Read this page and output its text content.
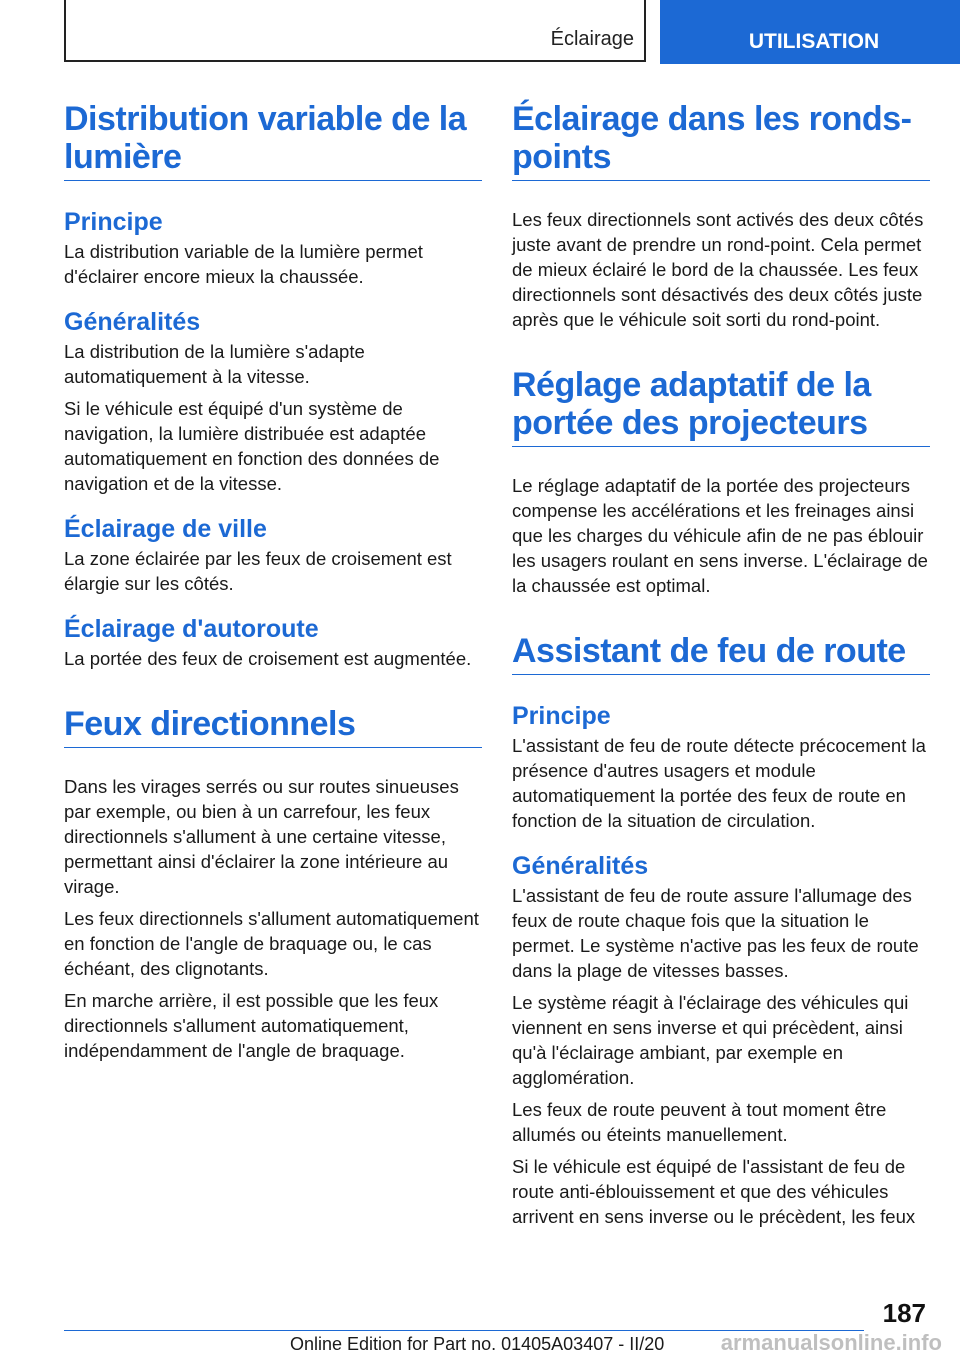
Éclairage	UTILISATION
Distribution variable de la lumière
Principe

La distribution variable de la lumière permet d'éclairer encore mieux la chaussée.

Généralités

La distribution de la lumière s'adapte automatiquement à la vitesse.

Si le véhicule est équipé d'un système de navigation, la lumière distribuée est adaptée automatiquement en fonction des données de navigation et de la vitesse.

Éclairage de ville

La zone éclairée par les feux de croisement est élargie sur les côtés.

Éclairage d'autoroute

La portée des feux de croisement est augmentée.

Feux directionnels

Dans les virages serrés ou sur routes sinueuses par exemple, ou bien à un carrefour, les feux directionnels s'allument à une certaine vitesse, permettant ainsi d'éclairer la zone intérieure au virage.

Les feux directionnels s'allument automatiquement en fonction de l'angle de braquage ou, le cas échéant, des clignotants.

En marche arrière, il est possible que les feux directionnels s'allument automatiquement, indépendamment de l'angle de braquage.

Éclairage dans les ronds-points

Les feux directionnels sont activés des deux côtés juste avant de prendre un rond-point. Cela permet de mieux éclairé le bord de la chaussée. Les feux directionnels sont désactivés des deux côtés juste après que le véhicule soit sorti du rond-point.

Réglage adaptatif de la portée des projecteurs

Le réglage adaptatif de la portée des projecteurs compense les accélérations et les freinages ainsi que les charges du véhicule afin de ne pas éblouir les usagers roulant en sens inverse. L'éclairage de la chaussée est optimal.

Assistant de feu de route
Principe

L'assistant de feu de route détecte précocement la présence d'autres usagers et module automatiquement la portée des feux de route en fonction de la situation de circulation.

Généralités

L'assistant de feu de route assure l'allumage des feux de route chaque fois que la situation le permet. Le système n'active pas les feux de route dans la plage de vitesses basses.

Le système réagit à l'éclairage des véhicules qui viennent en sens inverse et qui précèdent, ainsi qu'à l'éclairage ambiant, par exemple en agglomération.

Les feux de route peuvent à tout moment être allumés ou éteints manuellement.

Si le véhicule est équipé de l'assistant de feu de route anti-éblouissement et que des véhicules arrivent en sens inverse ou le précèdent, les feux

187
Online Edition for Part no. 01405A03407 - II/20	armanualsonline.info
